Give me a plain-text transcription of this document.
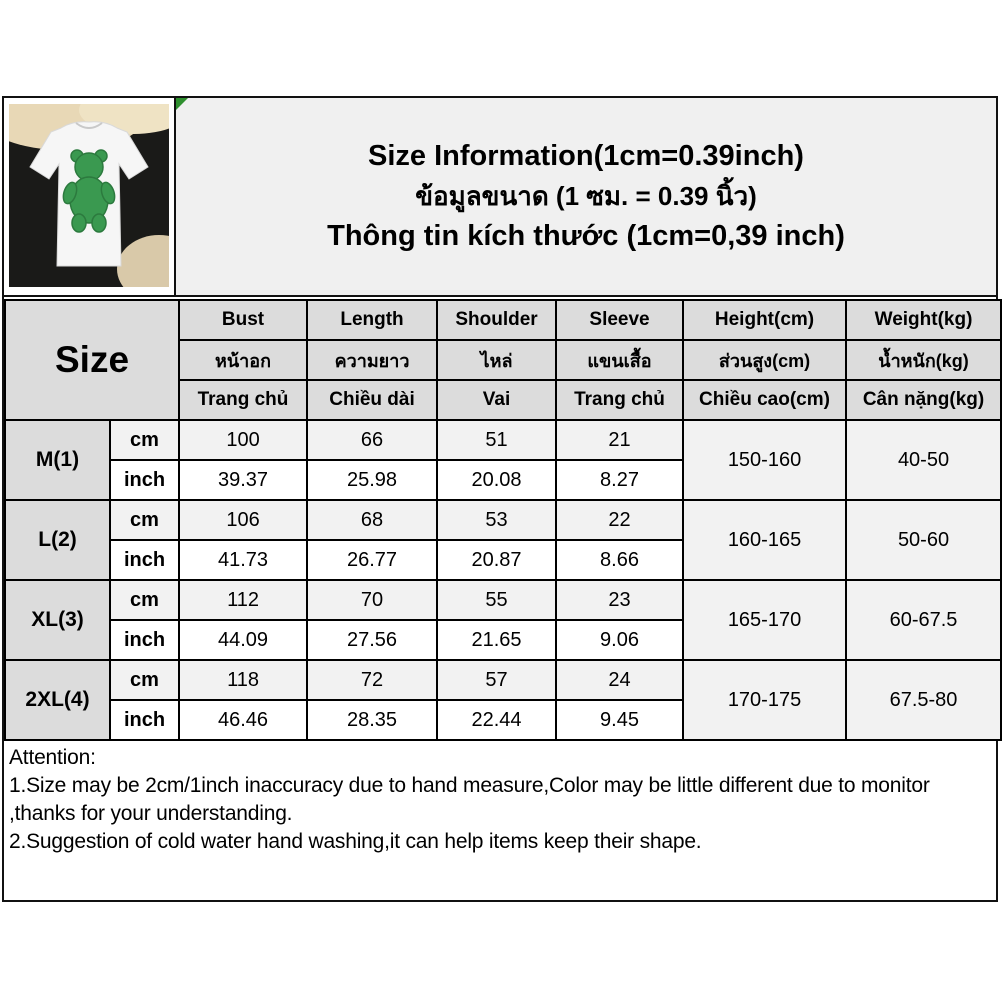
Size Information(1cm=0.39inch)
ข้อมูลขนาด (1 ซม. = 0.39 นิ้ว)
Thông tin kích thước (1cm=0,39 inch)
Size		Bust	Length	Shoulder	Sleeve	Height(cm)	Weight(kg)
		หน้าอก	ความยาว	ไหล่	แขนเสื้อ	ส่วนสูง(cm)	น้ำหนัก(kg)
		Trang chủ	Chiều dài	Vai	Trang chủ	Chiều cao(cm)	Cân nặng(kg)
M(1)	cm	100	66	51	21	150-160	40-50
	inch	39.37	25.98	20.08	8.27		
L(2)	cm	106	68	53	22	160-165	50-60
	inch	41.73	26.77	20.87	8.66		
XL(3)	cm	112	70	55	23	165-170	60-67.5
	inch	44.09	27.56	21.65	9.06		
2XL(4)	cm	118	72	57	24	170-175	67.5-80
	inch	46.46	28.35	22.44	9.45		
Attention:
1.Size may be 2cm/1inch inaccuracy due to hand measure,Color may be little different due to monitor ,thanks for your understanding.
2.Suggestion of cold water hand washing,it can help items keep their shape.
